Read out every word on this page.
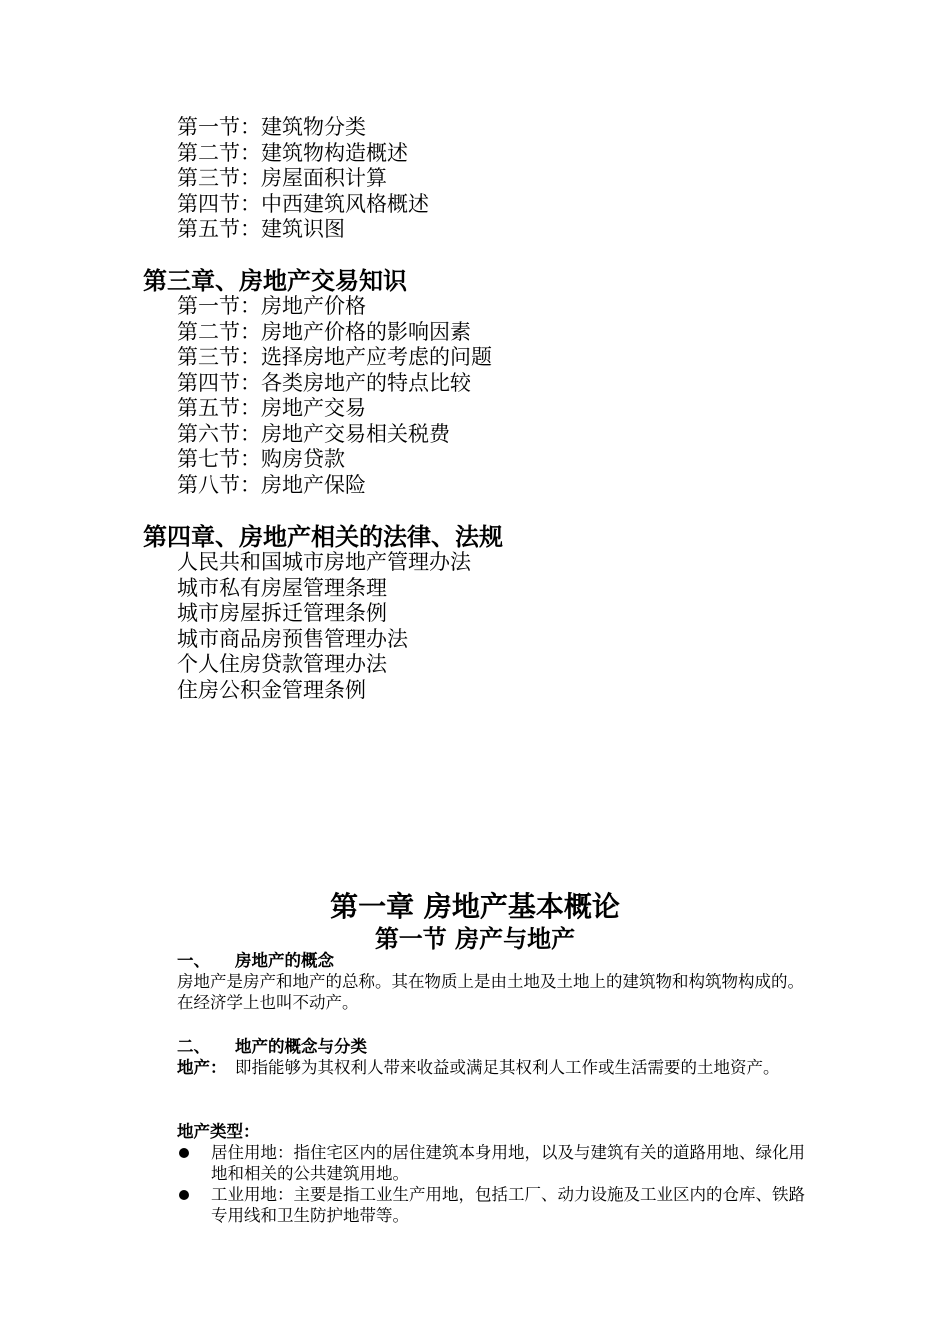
第一节：建筑物分类
第二节：建筑物构造概述
第三节：房屋面积计算
第四节：中西建筑风格概述
第五节：建筑识图
第三章、房地产交易知识
第一节：房地产价格
第二节：房地产价格的影响因素
第三节：选择房地产应考虑的问题
第四节：各类房地产的特点比较
第五节：房地产交易
第六节：房地产交易相关税费
第七节：购房贷款
第八节：房地产保险
第四章、房地产相关的法律、法规
人民共和国城市房地产管理办法
城市私有房屋管理条理
城市房屋拆迁管理条例
城市商品房预售管理办法
个人住房贷款管理办法
住房公积金管理条例
第一章 房地产基本概论
第一节 房产与地产
一、 房地产的概念

房地产是房产和地产的总称。其在物质上是由土地及土地上的建筑物和构筑物构成的。在经济学上也叫不动产。

二、 地产的概念与分类
地产： 即指能够为其权利人带来收益或满足其权利人工作或生活需要的土地资产。
地产类型：
居住用地：指住宅区内的居住建筑本身用地，以及与建筑有关的道路用地、绿化用地和相关的公共建筑用地。
工业用地：主要是指工业生产用地，包括工厂、动力设施及工业区内的仓库、铁路专用线和卫生防护地带等。
